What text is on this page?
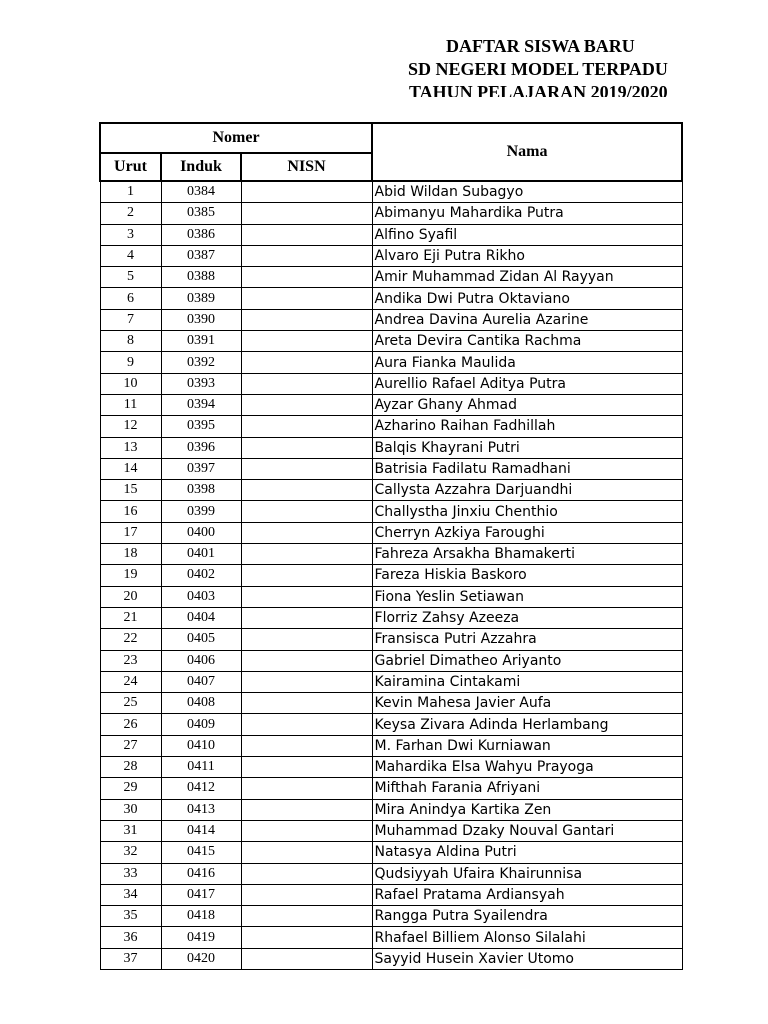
DAFTAR SISWA BARU
SD NEGERI MODEL TERPADU
TAHUN PELAJARAN 2019/2020
Nomer			Nama
Urut	Induk	NISN	
1	0384		Abid Wildan Subagyo
2	0385		Abimanyu Mahardika Putra
3	0386		Alfino Syafil
4	0387		Alvaro Eji Putra Rikho
5	0388		Amir Muhammad Zidan Al Rayyan
6	0389		Andika Dwi Putra Oktaviano
7	0390		Andrea Davina Aurelia Azarine
8	0391		Areta Devira Cantika Rachma
9	0392		Aura Fianka Maulida
10	0393		Aurellio Rafael Aditya Putra
11	0394		Ayzar Ghany Ahmad
12	0395		Azharino Raihan Fadhillah
13	0396		Balqis Khayrani Putri
14	0397		Batrisia Fadilatu Ramadhani
15	0398		Callysta Azzahra Darjuandhi
16	0399		Challystha Jinxiu Chenthio
17	0400		Cherryn Azkiya Faroughi
18	0401		Fahreza Arsakha Bhamakerti
19	0402		Fareza Hiskia Baskoro
20	0403		Fiona Yeslin Setiawan
21	0404		Florriz Zahsy Azeeza
22	0405		Fransisca Putri Azzahra
23	0406		Gabriel Dimatheo Ariyanto
24	0407		Kairamina Cintakami
25	0408		Kevin Mahesa Javier Aufa
26	0409		Keysa Zivara Adinda Herlambang
27	0410		M. Farhan Dwi Kurniawan
28	0411		Mahardika Elsa Wahyu Prayoga
29	0412		Mifthah Farania Afriyani
30	0413		Mira Anindya Kartika Zen
31	0414		Muhammad Dzaky Nouval Gantari
32	0415		Natasya Aldina Putri
33	0416		Qudsiyyah Ufaira Khairunnisa
34	0417		Rafael Pratama Ardiansyah
35	0418		Rangga Putra Syailendra
36	0419		Rhafael Billiem Alonso Silalahi
37	0420		Sayyid Husein Xavier Utomo
